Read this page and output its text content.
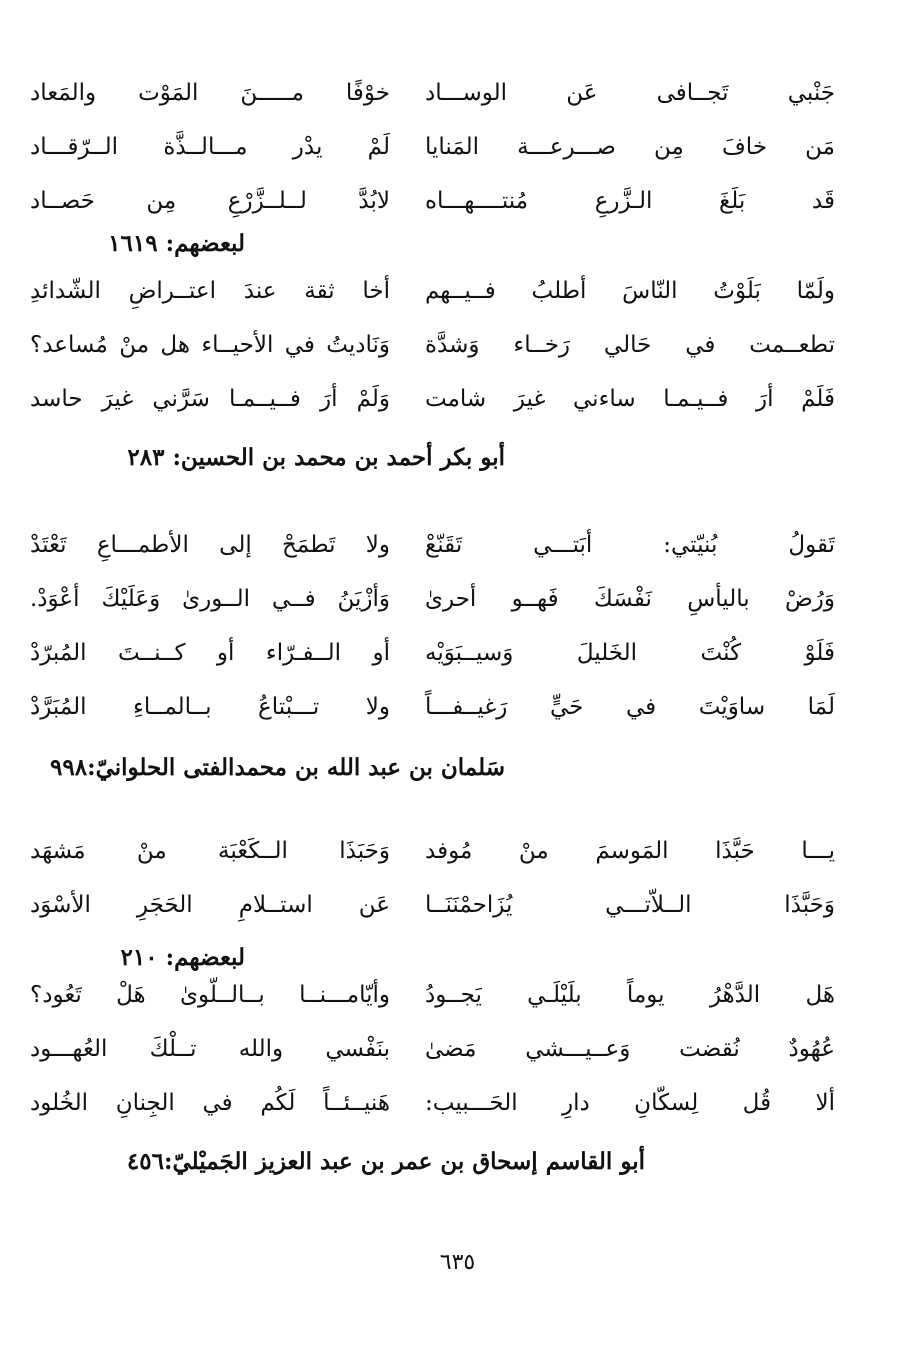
جَنْبي تَجــافى عَن الوســـاد
خوْفًا مـــــنَ المَوْت والمَعاد
مَن خافَ مِن صـــرعـــة المَنايا
لَمْ يدْر مـــالــذَّة الــرّقـــاد
قَد بَلَغَ الـزَّرعِ مُنتــــهـــاه
لابُدَّ لــلــزَّرْعِ مِن حَصــاد
لبعضهم: ١٦١٩
ولَمّا بَلَوْتُ النّاسَ أطلبُ فــيــهم
أخا ثقة عندَ اعتــراضِ الشّدائدِ
تطعــمت في حَالي رَخــاء وَشدَّة
وَنَاديتُ في الأحيــاء هل منْ مُساعد؟
فَلَمْ أرَ فــيـمـا ساءني غيرَ شامت
وَلَمْ أرَ فــيــمـا سَرَّني غيرَ حاسد
أبو بكر أحمد بن محمد بن الحسين: ٢٨٣
تَقولُ بُنيّتي: أبَتـــي تَقَنّعْ
ولا تَطمَحْ إلى الأطمـــاعِ تَعْتَدْ
وَرُضْ باليأسِ نَفْسَكَ فَهــو أحرىٰ
وَأزْيَنُ فــي الــورىٰ وَعَلَيْكَ أعْوَدْ.
فَلَوْ كُنْتَ الخَليلَ وَسيــبَوَيْه
أو الــفـرّاء أو كــنــتَ المُبرّدْ
لَمَا ساوَيْتَ في حَيٍّ رَغيــفـــاً
ولا تـــبْتاعُ بــالمــاءِ المُبَرَّدْ
سَلمان بن عبد الله بن محمدالفتى الحلوانيّ:٩٩٨
يـــا حَبَّذَا المَوسمَ منْ مُوفد
وَحَبَذَا الــكَعْبَة منْ مَشهَد
وَحَبَّذَا الــلاّتـــي يُزَاحمْنَنَــا
عَن استــلامِ الحَجَرِ الأسْوَد
لبعضهم: ٢١٠
هَل الدَّهْرُ يوماً بلَيْلَـي يَجــودُ
وأيّامـــنــا بــالــلّوىٰ هَلْ تَعُود؟
عُهُودٌ نُقضت وَعــيـــشي مَضىٰ
بنَفْسي والله تــلْكَ العُهـــود
ألا قُل لِسكّانِ دارِ الحَـــبيب:
هَنيــئــاً لَكُم في الجِنانِ الخُلود
أبو القاسم إسحاق بن عمر بن عبد العزيز الجَميْليّ:٤٥٦
٦٣٥
